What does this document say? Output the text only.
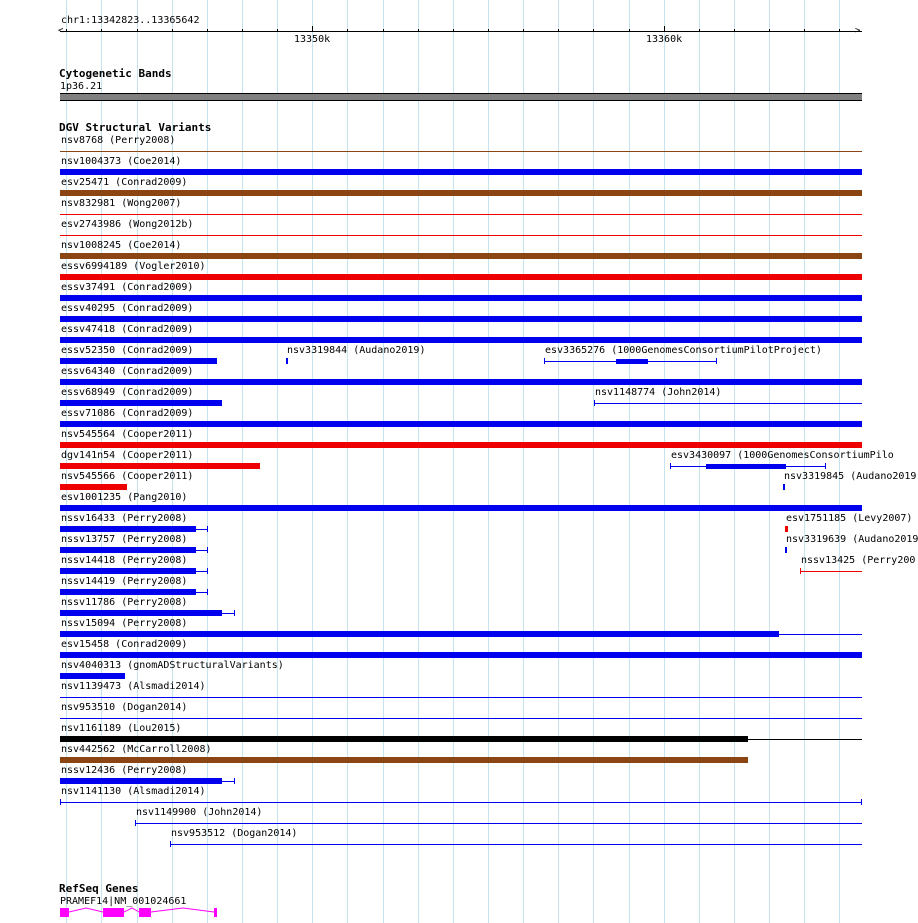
chr1:13342823..13365642
<	>
13350k	13360k
Cytogenetic Bands
1p36.21
DGV Structural Variants
nsv8768 (Perry2008)
nsv1004373 (Coe2014)
esv25471 (Conrad2009)
nsv832981 (Wong2007)
esv2743986 (Wong2012b)
nsv1008245 (Coe2014)
essv6994189 (Vogler2010)
essv37491 (Conrad2009)
essv40295 (Conrad2009)
essv47418 (Conrad2009)
essv52350 (Conrad2009)	nsv3319844 (Audano2019)	esv3365276 (1000GenomesConsortiumPilotProject)
essv64340 (Conrad2009)
essv68949 (Conrad2009)	nsv1148774 (John2014)
essv71086 (Conrad2009)
nsv545564 (Cooper2011)
dgv141n54 (Cooper2011)	esv3430097 (1000GenomesConsortiumPilo
nsv545566 (Cooper2011)	nsv3319845 (Audano2019
esv1001235 (Pang2010)
nssv16433 (Perry2008)	esv1751185 (Levy2007)
nssv13757 (Perry2008)	nsv3319639 (Audano2019
nssv14418 (Perry2008)	nssv13425 (Perry200
nssv14419 (Perry2008)
nssv11786 (Perry2008)
nssv15094 (Perry2008)
esv15458 (Conrad2009)
nsv4040313 (gnomADStructuralVariants)
nsv1139473 (Alsmadi2014)
nsv953510 (Dogan2014)
nsv1161189 (Lou2015)
nsv442562 (McCarroll2008)
nssv12436 (Perry2008)
nsv1141130 (Alsmadi2014)
nsv1149900 (John2014)
nsv953512 (Dogan2014)
RefSeq Genes
PRAMEF14|NM_001024661
